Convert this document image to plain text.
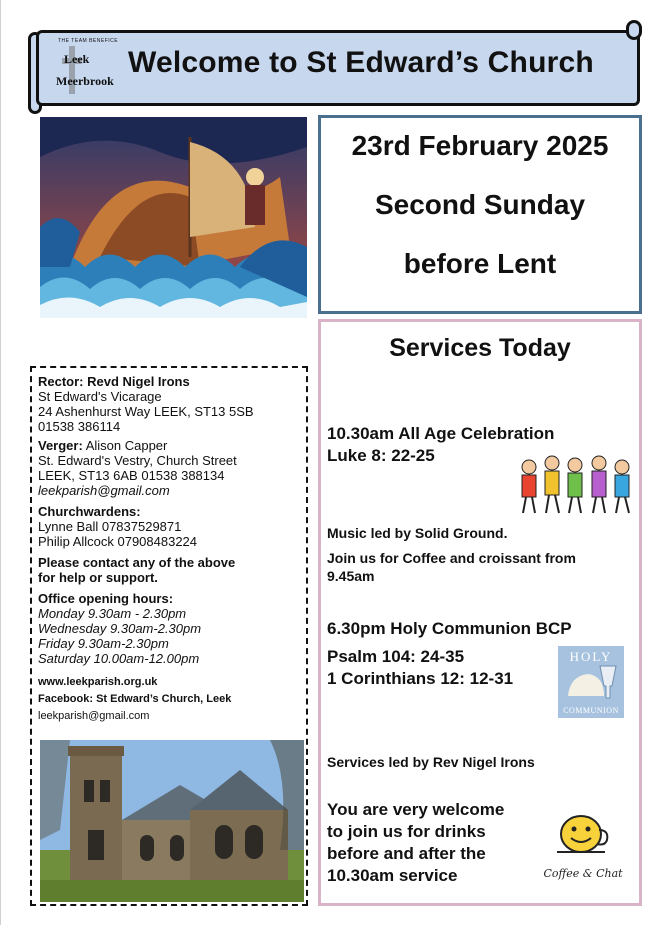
THE TEAM BENEFICE
Leek
Meerbrook
Welcome to St Edward’s Church
23rd February 2025
Second Sunday
before Lent
Rector: Revd Nigel Irons
St Edward's Vicarage
24 Ashenhurst Way LEEK, ST13 5SB
01538 386114
Verger: Alison Capper
St. Edward's Vestry, Church Street
LEEK, ST13 6AB 01538 388134
leekparish@gmail.com
Churchwardens:
Lynne Ball 07837529871
Philip Allcock 07908483224
Please contact any of the above
for help or support.
Office opening hours:
Monday 9.30am - 2.30pm
Wednesday 9.30am-2.30pm
Friday 9.30am-2.30pm
Saturday 10.00am-12.00pm
www.leekparish.org.uk
Facebook: St Edward’s Church, Leek
leekparish@gmail.com
Services Today
10.30am All Age Celebration
Luke 8: 22-25
Music led by Solid Ground.
Join us for Coffee and croissant from
9.45am
6.30pm Holy Communion BCP
Psalm 104: 24-35
1 Corinthians 12: 12-31
HOLY
COMMUNION
Services led by Rev Nigel Irons
You are very welcome
to join us for drinks
before and after the
10.30am service	Coffee & Chat
